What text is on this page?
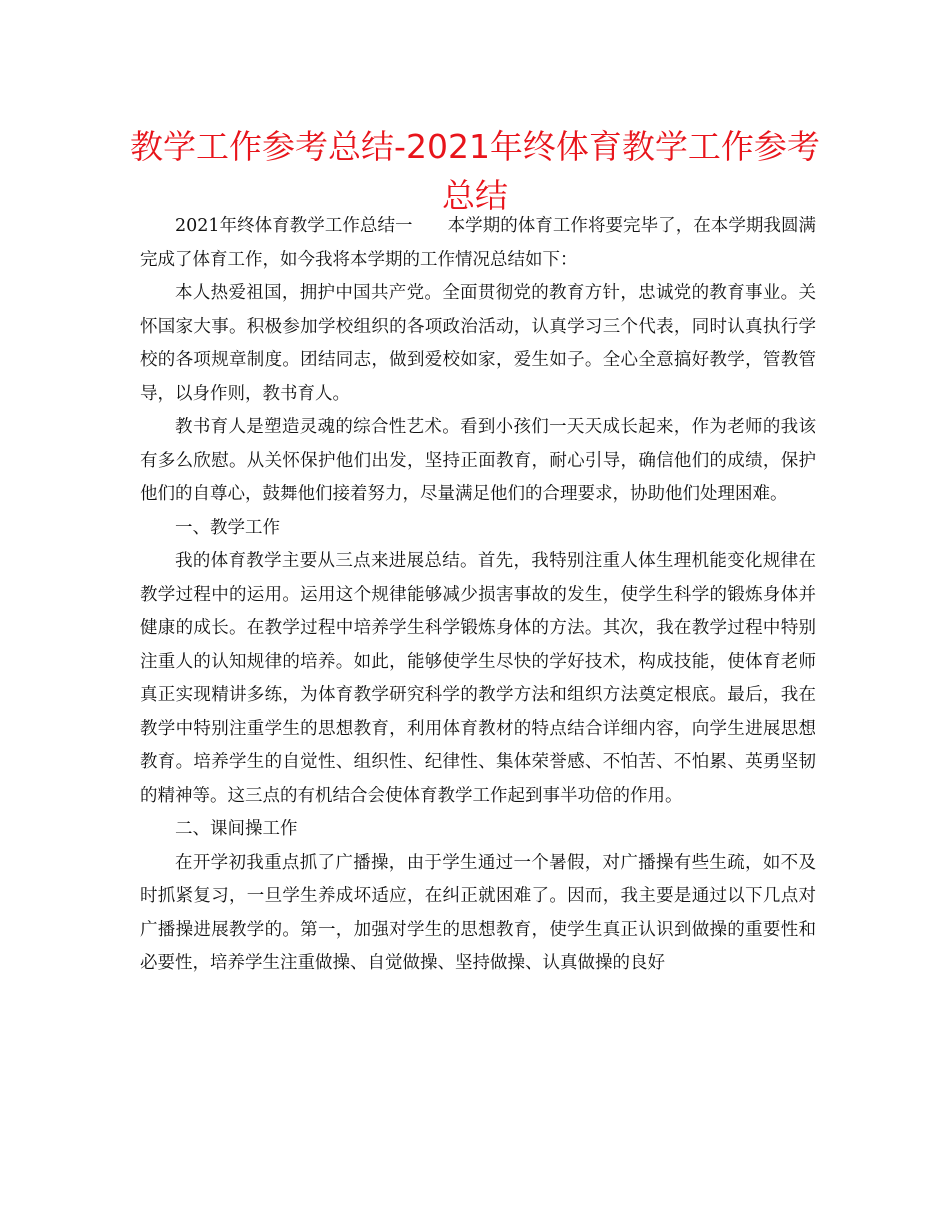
教学工作参考总结-2021年终体育教学工作参考总结

2021年终体育教学工作总结一　　本学期的体育工作将要完毕了，在本学期我圆满完成了体育工作，如今我将本学期的工作情况总结如下：

本人热爱祖国，拥护中国共产党。全面贯彻党的教育方针，忠诚党的教育事业。关怀国家大事。积极参加学校组织的各项政治活动，认真学习三个代表，同时认真执行学校的各项规章制度。团结同志，做到爱校如家，爱生如子。全心全意搞好教学，管教管导，以身作则，教书育人。

教书育人是塑造灵魂的综合性艺术。看到小孩们一天天成长起来，作为老师的我该有多么欣慰。从关怀保护他们出发，坚持正面教育，耐心引导，确信他们的成绩，保护他们的自尊心，鼓舞他们接着努力，尽量满足他们的合理要求，协助他们处理困难。

一、教学工作

我的体育教学主要从三点来进展总结。首先，我特别注重人体生理机能变化规律在教学过程中的运用。运用这个规律能够减少损害事故的发生，使学生科学的锻炼身体并健康的成长。在教学过程中培养学生科学锻炼身体的方法。其次，我在教学过程中特别注重人的认知规律的培养。如此，能够使学生尽快的学好技术，构成技能，使体育老师真正实现精讲多练，为体育教学研究科学的教学方法和组织方法奠定根底。最后，我在教学中特别注重学生的思想教育，利用体育教材的特点结合详细内容，向学生进展思想教育。培养学生的自觉性、组织性、纪律性、集体荣誉感、不怕苦、不怕累、英勇坚韧的精神等。这三点的有机结合会使体育教学工作起到事半功倍的作用。

二、课间操工作

在开学初我重点抓了广播操，由于学生通过一个暑假，对广播操有些生疏，如不及时抓紧复习，一旦学生养成坏适应，在纠正就困难了。因而，我主要是通过以下几点对广播操进展教学的。第一，加强对学生的思想教育，使学生真正认识到做操的重要性和必要性，培养学生注重做操、自觉做操、坚持做操、认真做操的良好
